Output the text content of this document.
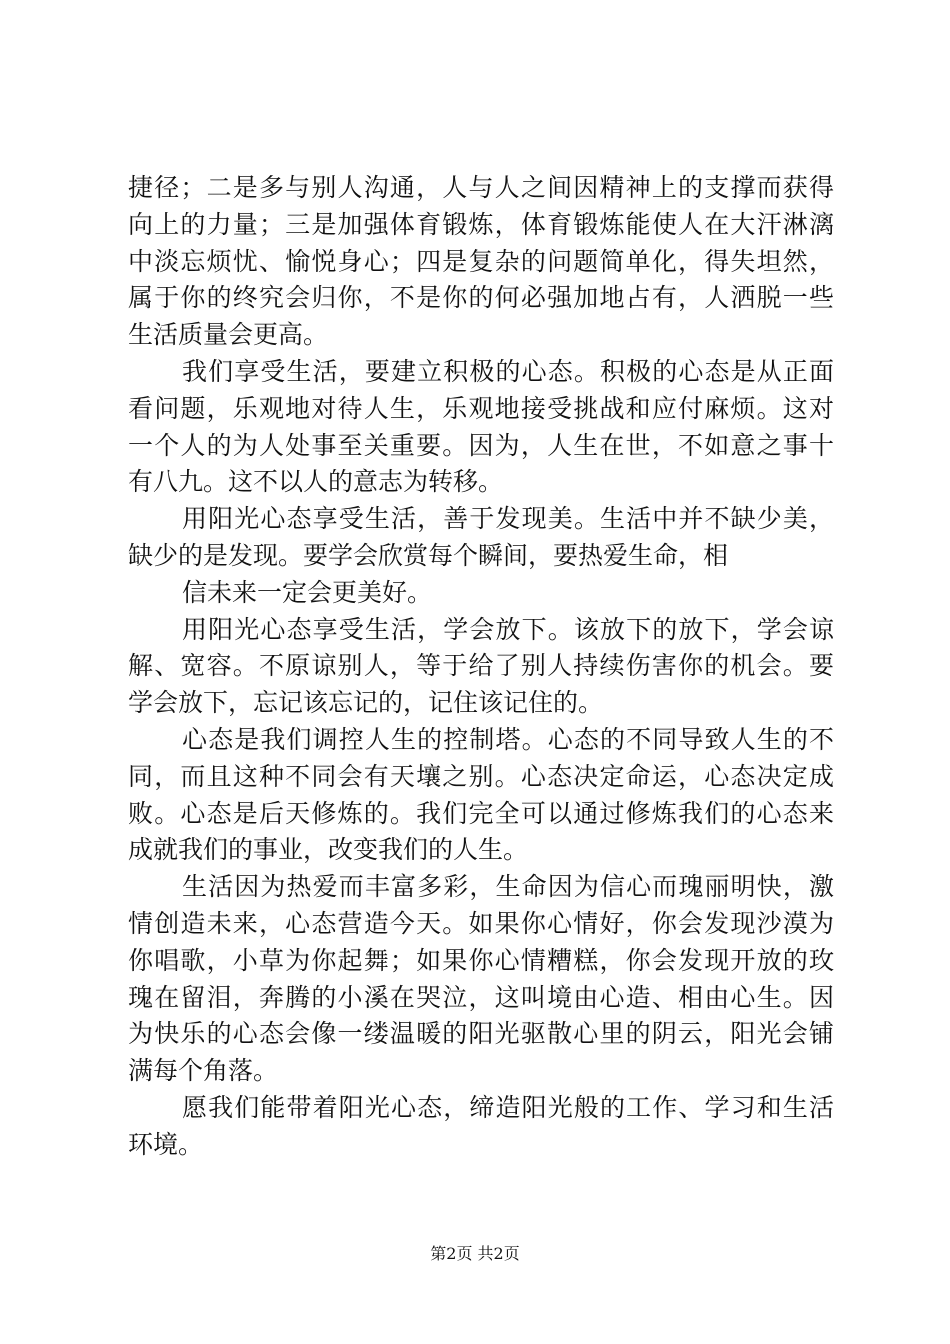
捷径；二是多与别人沟通，人与人之间因精神上的支撑而获得
向上的力量；三是加强体育锻炼，体育锻炼能使人在大汗淋漓
中淡忘烦忧、愉悦身心；四是复杂的问题简单化，得失坦然，
属于你的终究会归你，不是你的何必强加地占有，人洒脱一些
生活质量会更高。
我们享受生活，要建立积极的心态。积极的心态是从正面
看问题，乐观地对待人生，乐观地接受挑战和应付麻烦。这对
一个人的为人处事至关重要。因为，人生在世，不如意之事十
有八九。这不以人的意志为转移。
用阳光心态享受生活，善于发现美。生活中并不缺少美，
缺少的是发现。要学会欣赏每个瞬间，要热爱生命，相
信未来一定会更美好。
用阳光心态享受生活，学会放下。该放下的放下，学会谅
解、宽容。不原谅别人，等于给了别人持续伤害你的机会。要
学会放下，忘记该忘记的，记住该记住的。
心态是我们调控人生的控制塔。心态的不同导致人生的不
同，而且这种不同会有天壤之别。心态决定命运，心态决定成
败。心态是后天修炼的。我们完全可以通过修炼我们的心态来
成就我们的事业，改变我们的人生。
生活因为热爱而丰富多彩，生命因为信心而瑰丽明快，激
情创造未来，心态营造今天。如果你心情好，你会发现沙漠为
你唱歌，小草为你起舞；如果你心情糟糕，你会发现开放的玫
瑰在留泪，奔腾的小溪在哭泣，这叫境由心造、相由心生。因
为快乐的心态会像一缕温暖的阳光驱散心里的阴云，阳光会铺
满每个角落。
愿我们能带着阳光心态，缔造阳光般的工作、学习和生活
环境。
第2页 共2页
